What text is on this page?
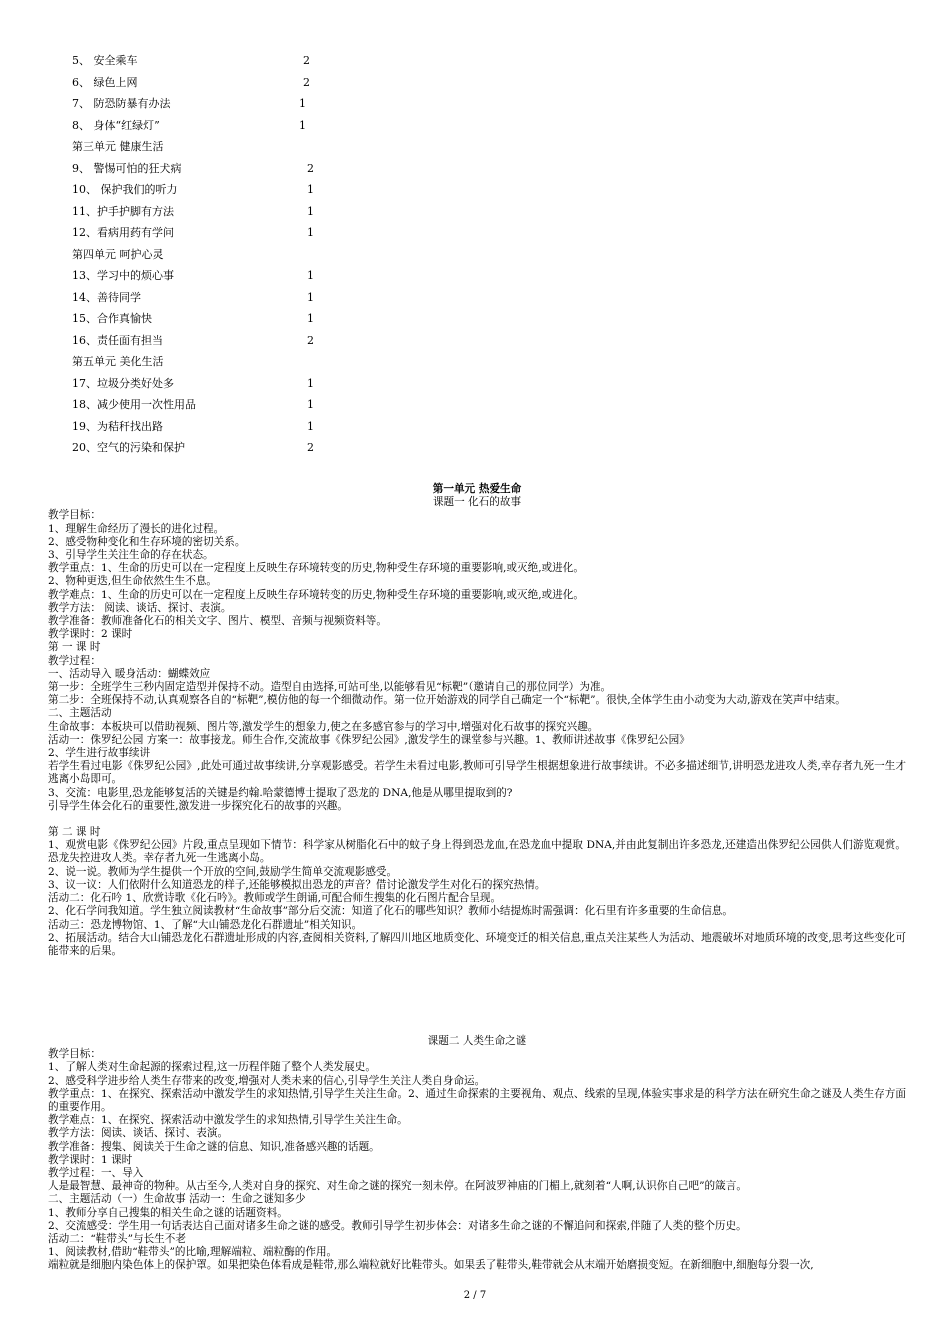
5、 安全乘车	2
6、 绿色上网	2
7、 防恐防暴有办法	1
8、 身体“红绿灯”	1
第三单元 健康生活
9、 警惕可怕的狂犬病	2
10、 保护我们的听力	1
11、护手护脚有方法	1
12、看病用药有学问	1
第四单元 呵护心灵
13、学习中的烦心事	1
14、善待同学	1
15、合作真愉快	1
16、责任面有担当	2
第五单元 美化生活
17、垃圾分类好处多	1
18、减少使用一次性用品	1
19、为秸秆找出路	1
20、空气的污染和保护	2
第一单元 热爱生命
课题一 化石的故事
教学目标：
1、理解生命经历了漫长的进化过程。
2、感受物种变化和生存环境的密切关系。
3、引导学生关注生命的存在状态。
教学重点：1、生命的历史可以在一定程度上反映生存环境转变的历史,物种受生存环境的重要影响,或灭绝,或进化。
2、物种更迭,但生命依然生生不息。
教学难点：1、生命的历史可以在一定程度上反映生存环境转变的历史,物种受生存环境的重要影响,或灭绝,或进化。
教学方法： 阅读、谈话、探讨、表演。
教学准备：教师准备化石的相关文字、图片、模型、音频与视频资料等。
教学课时：2 课时
第 一 课 时
教学过程：
一、活动导入 暖身活动：蝴蝶效应
第一步：全班学生三秒内固定造型并保持不动。造型自由选择,可站可坐,以能够看见“标靶”（邀请自己的那位同学）为准。
第二步：全班保持不动,认真观察各自的“标靶”,模仿他的每一个细微动作。第一位开始游戏的同学自己确定一个“标靶”。很快,全体学生由小动变为大动,游戏在笑声中结束。
二、主题活动
生命故事：本板块可以借助视频、图片等,激发学生的想象力,使之在多感官参与的学习中,增强对化石故事的探究兴趣。
活动一：侏罗纪公园 方案一：故事接龙。师生合作,交流故事《侏罗纪公园》,激发学生的课堂参与兴趣。1、教师讲述故事《侏罗纪公园》
2、学生进行故事续讲
若学生看过电影《侏罗纪公园》,此处可通过故事续讲,分享观影感受。若学生未看过电影,教师可引导学生根据想象进行故事续讲。不必多描述细节,讲明恐龙进攻人类,幸存者九死一生才逃离小岛即可。
3、交流：电影里,恐龙能够复活的关键是约翰.哈蒙德博士提取了恐龙的 DNA,他是从哪里提取到的?
引导学生体会化石的重要性,激发进一步探究化石的故事的兴趣。
第 二 课 时
1、观赏电影《侏罗纪公园》片段,重点呈现如下情节：科学家从树脂化石中的蚊子身上得到恐龙血,在恐龙血中提取 DNA,并由此复制出许多恐龙,还建造出侏罗纪公园供人们游览观赏。恐龙失控进攻人类。幸存者九死一生逃离小岛。
2、说一说。教师为学生提供一个开放的空间,鼓励学生简单交流观影感受。
3、议一议：人们依附什么知道恐龙的样子,还能够模拟出恐龙的声音？借讨论激发学生对化石的探究热情。
活动二：化石吟 1、欣赏诗歌《化石吟》。教师或学生朗诵,可配合师生搜集的化石图片配合呈现。
2、化石学问我知道。学生独立阅读教材“生命故事”部分后交流：知道了化石的哪些知识？教师小结提炼时需强调：化石里有许多重要的生命信息。
活动三：恐龙博物馆、1、了解“大山铺恐龙化石群遗址”相关知识。
2、拓展活动。结合大山铺恐龙化石群遗址形成的内容,查阅相关资料,了解四川地区地质变化、环境变迁的相关信息,重点关注某些人为活动、地震破坏对地质环境的改变,思考这些变化可能带来的后果。
课题二 人类生命之谜
教学目标：
1、了解人类对生命起源的探索过程,这一历程伴随了整个人类发展史。
2、感受科学进步给人类生存带来的改变,增强对人类未来的信心,引导学生关注人类自身命运。
教学重点：1、在探究、探索活动中激发学生的求知热情,引导学生关注生命。2、通过生命探索的主要视角、观点、线索的呈现,体验实事求是的科学方法在研究生命之谜及人类生存方面的重要作用。
教学难点：1、在探究、探索活动中激发学生的求知热情,引导学生关注生命。
教学方法：阅读、谈话、探讨、表演。
教学准备：搜集、阅读关于生命之谜的信息、知识,准备感兴趣的话题。
教学课时：1 课时
教学过程：一、导入
人是最智慧、最神奇的物种。从古至今,人类对自身的探究、对生命之谜的探究一刻未停。在阿波罗神庙的门楣上,就刻着“人啊,认识你自己吧”的箴言。
二、主题活动（一）生命故事 活动一：生命之谜知多少
1、教师分享自己搜集的相关生命之谜的话题资料。
2、交流感受：学生用一句话表达自己面对诸多生命之谜的感受。教师引导学生初步体会：对诸多生命之谜的不懈追问和探索,伴随了人类的整个历史。
活动二：“鞋带头”与长生不老
1、阅读教材,借助“鞋带头”的比喻,理解端粒、端粒酶的作用。
端粒就是细胞内染色体上的保护罩。如果把染色体看成是鞋带,那么端粒就好比鞋带头。如果丢了鞋带头,鞋带就会从末端开始磨损变短。在新细胞中,细胞每分裂一次,
2 / 7
